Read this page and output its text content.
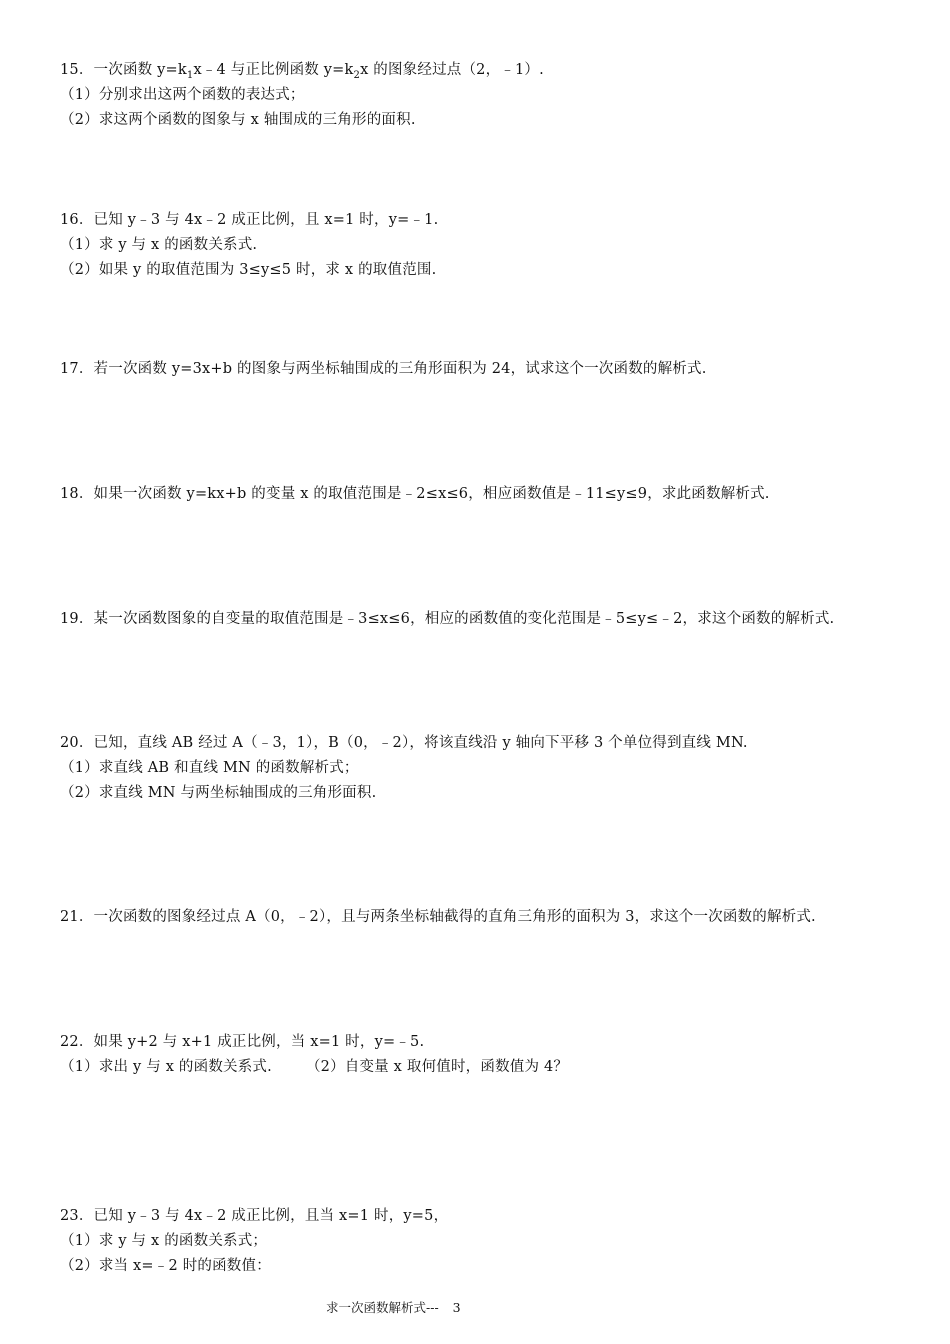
15．一次函数 $y=k_1x﹣4$ 与正比例函数 $y=k_2x$ 的图象经过点（2，﹣1）.
（1）分别求出这两个函数的表达式；
（2）求这两个函数的图象与 x 轴围成的三角形的面积.
16．已知 y﹣3 与 4x﹣2 成正比例，且 x=1 时，y=﹣1.
（1）求 y 与 x 的函数关系式.
（2）如果 y 的取值范围为 3≤y≤5 时，求 x 的取值范围.
17．若一次函数 y=3x+b 的图象与两坐标轴围成的三角形面积为 24，试求这个一次函数的解析式.
18．如果一次函数 y=kx+b 的变量 x 的取值范围是﹣2≤x≤6，相应函数值是﹣11≤y≤9，求此函数解析式.
19．某一次函数图象的自变量的取值范围是﹣3≤x≤6，相应的函数值的变化范围是﹣5≤y≤﹣2，求这个函数的解析式.
20．已知，直线 AB 经过 A（﹣3，1），B（0，﹣2），将该直线沿 y 轴向下平移 3 个单位得到直线 MN.
（1）求直线 AB 和直线 MN 的函数解析式；
（2）求直线 MN 与两坐标轴围成的三角形面积.
21．一次函数的图象经过点 A（0，﹣2），且与两条坐标轴截得的直角三角形的面积为 3，求这个一次函数的解析式.
22．如果 y+2 与 x+1 成正比例，当 x=1 时，y=﹣5.
（1）求出 y 与 x 的函数关系式. （2）自变量 x 取何值时，函数值为 4？
23．已知 y﹣3 与 4x﹣2 成正比例，且当 x=1 时，y=5，
（1）求 y 与 x 的函数关系式；
（2）求当 x=﹣2 时的函数值：
求一次函数解析式--- 3
